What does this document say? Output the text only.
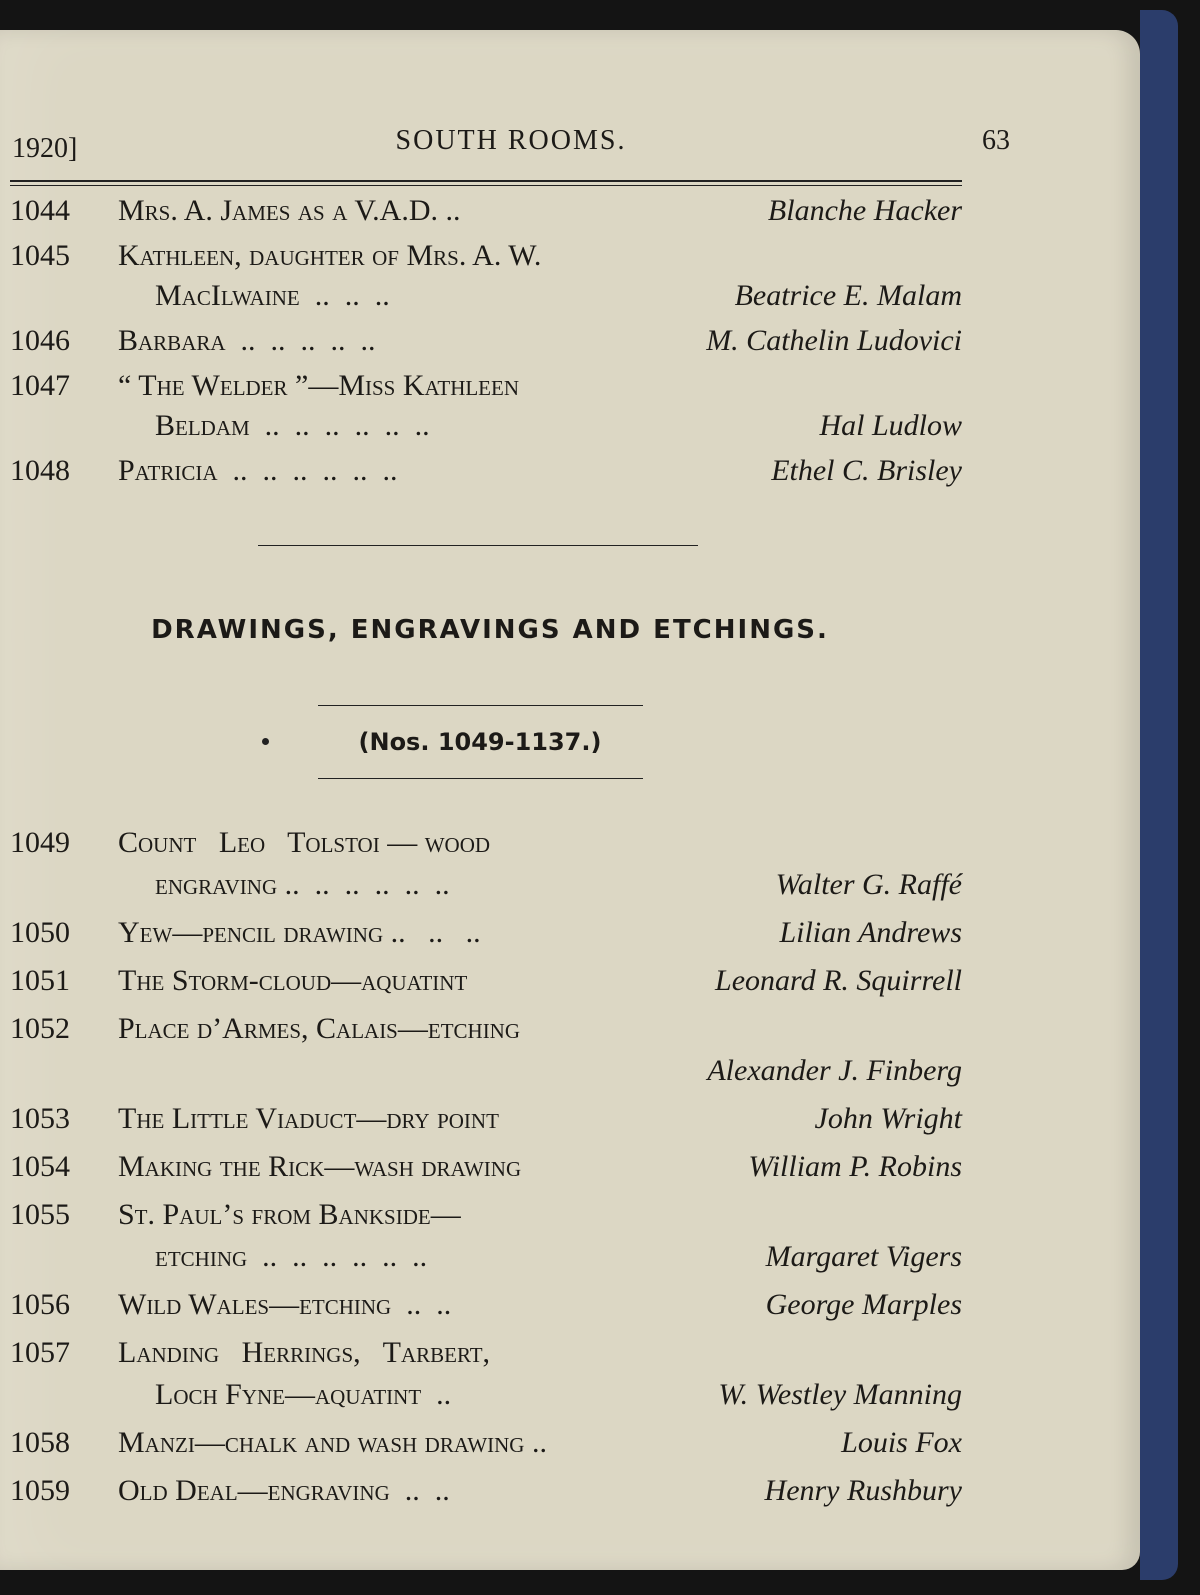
1920]	SOUTH ROOMS.	63
1044	Mrs. A. James as a V.A.D. ..	Blanche Hacker
1045	Kathleen, daughter of Mrs. A. W.
MacIlwaine  ..  ..  ..	Beatrice E. Malam
1046	Barbara  ..  ..  ..  ..  ..	M. Cathelin Ludovici
1047	“ The Welder ”—Miss Kathleen
Beldam  ..  ..  ..  ..  ..  ..	Hal Ludlow
1048	Patricia  ..  ..  ..  ..  ..  ..	Ethel C. Brisley
DRAWINGS, ENGRAVINGS AND ETCHINGS.
(Nos. 1049-1137.)
1049	Count   Leo   Tolstoi — wood
engraving ..  ..  ..  ..  ..  ..	Walter G. Raffé
1050	Yew—pencil drawing ..   ..   ..	Lilian Andrews
1051	The Storm-cloud—aquatint	Leonard R. Squirrell
1052	Place d’Armes, Calais—etching
Alexander J. Finberg
1053	The Little Viaduct—dry point	John Wright
1054	Making the Rick—wash drawing	William P. Robins
1055	St. Paul’s from Bankside—
etching  ..  ..  ..  ..  ..  ..	Margaret Vigers
1056	Wild Wales—etching  ..  ..	George Marples
1057	Landing   Herrings,   Tarbert,
Loch Fyne—aquatint  ..	W. Westley Manning
1058	Manzi—chalk and wash drawing ..	Louis Fox
1059	Old Deal—engraving  ..  ..	Henry Rushbury
